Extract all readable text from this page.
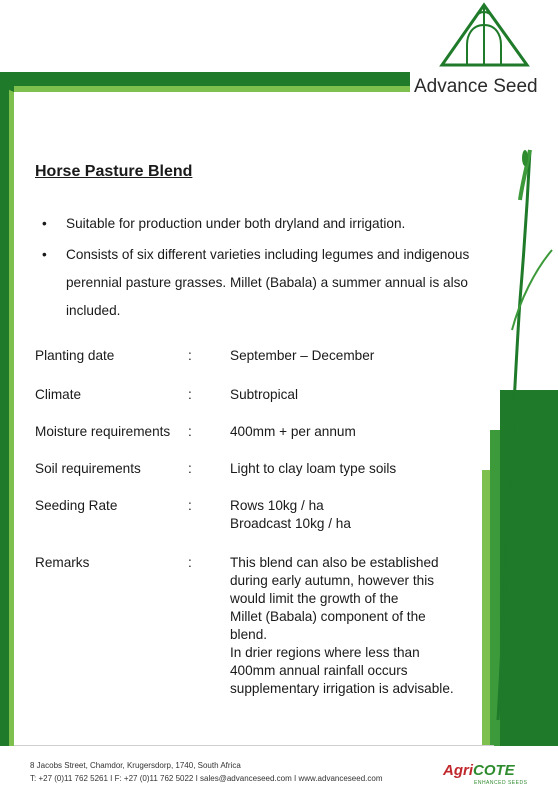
Advance Seed
Horse Pasture Blend
• Suitable for production under both dryland and irrigation.
• Consists of six different varieties including legumes and indigenous perennial pasture grasses. Millet (Babala) a summer annual is also included.
Planting date	:	September – December
Climate	:	Subtropical
Moisture requirements :	400mm + per annum
Soil requirements	:	Light to clay loam type soils
Seeding Rate	:	Rows 10kg / ha
Broadcast 10kg / ha
Remarks	:	This blend can also be established
during early autumn, however this
would limit the growth of the
Millet (Babala) component of the
blend.
In drier regions where less than
400mm annual rainfall occurs
supplementary irrigation is advisable.
8 Jacobs Street, Chamdor, Krugersdorp, 1740, South Africa
T: +27 (0)11 762 5261 I F: +27 (0)11 762 5022 I sales@advanceseed.com I www.advanceseed.com	AgriCOTE
ENHANCED SEEDS
